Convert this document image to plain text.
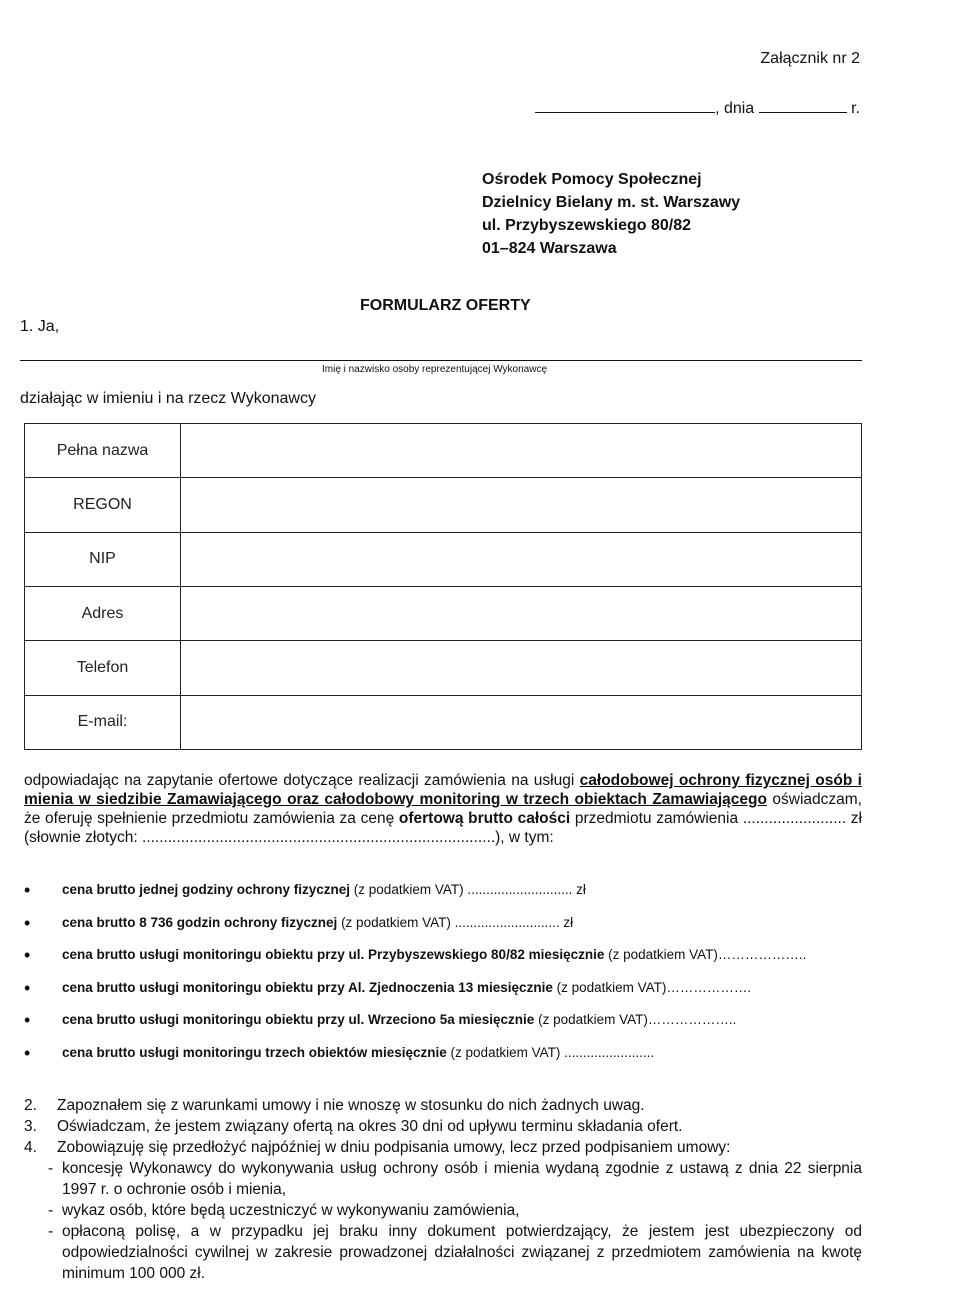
Załącznik nr 2
, dnia	r.
Ośrodek Pomocy Społecznej
Dzielnicy Bielany m. st. Warszawy
ul. Przybyszewskiego 80/82
01–824 Warszawa
FORMULARZ OFERTY
1. Ja,
Imię i nazwisko osoby reprezentującej Wykonawcę
działając w imieniu i na rzecz Wykonawcy
Pełna nazwa	
REGON	
NIP	
Adres	
Telefon	
E-mail:	
odpowiadając na zapytanie ofertowe dotyczące realizacji zamówienia na usługi całodobowej ochrony fizycznej osób i mienia w siedzibie Zamawiającego oraz całodobowy monitoring w trzech obiektach Zamawiającego oświadczam, że oferuję spełnienie przedmiotu zamówienia za cenę ofertową brutto całości przedmiotu zamówienia ........................ zł (słownie złotych: ..................................................................................), w tym:
• cena brutto jednej godziny ochrony fizycznej (z podatkiem VAT) ............................ zł
• cena brutto 8 736 godzin ochrony fizycznej (z podatkiem VAT) ............................ zł
• cena brutto usługi monitoringu obiektu przy ul. Przybyszewskiego 80/82 miesięcznie (z podatkiem VAT)………………..
• cena brutto usługi monitoringu obiektu przy Al. Zjednoczenia 13 miesięcznie (z podatkiem VAT)……………….
• cena brutto usługi monitoringu obiektu przy ul. Wrzeciono 5a miesięcznie (z podatkiem VAT)………………..
• cena brutto usługi monitoringu trzech obiektów miesięcznie (z podatkiem VAT) ........................
2. Zapoznałem się z warunkami umowy i nie wnoszę w stosunku do nich żadnych uwag.
3. Oświadczam, że jestem związany ofertą na okres 30 dni od upływu terminu składania ofert.
4. Zobowiązuję się przedłożyć najpóźniej w dniu podpisania umowy, lecz przed podpisaniem umowy:
- koncesję Wykonawcy do wykonywania usług ochrony osób i mienia wydaną zgodnie z ustawą z dnia 22 sierpnia 1997 r. o ochronie osób i mienia,
- wykaz osób, które będą uczestniczyć w wykonywaniu zamówienia,
- opłaconą polisę, a w przypadku jej braku inny dokument potwierdzający, że jestem jest ubezpieczony od odpowiedzialności cywilnej w zakresie prowadzonej działalności związanej z przedmiotem zamówienia na kwotę minimum 100 000 zł.
